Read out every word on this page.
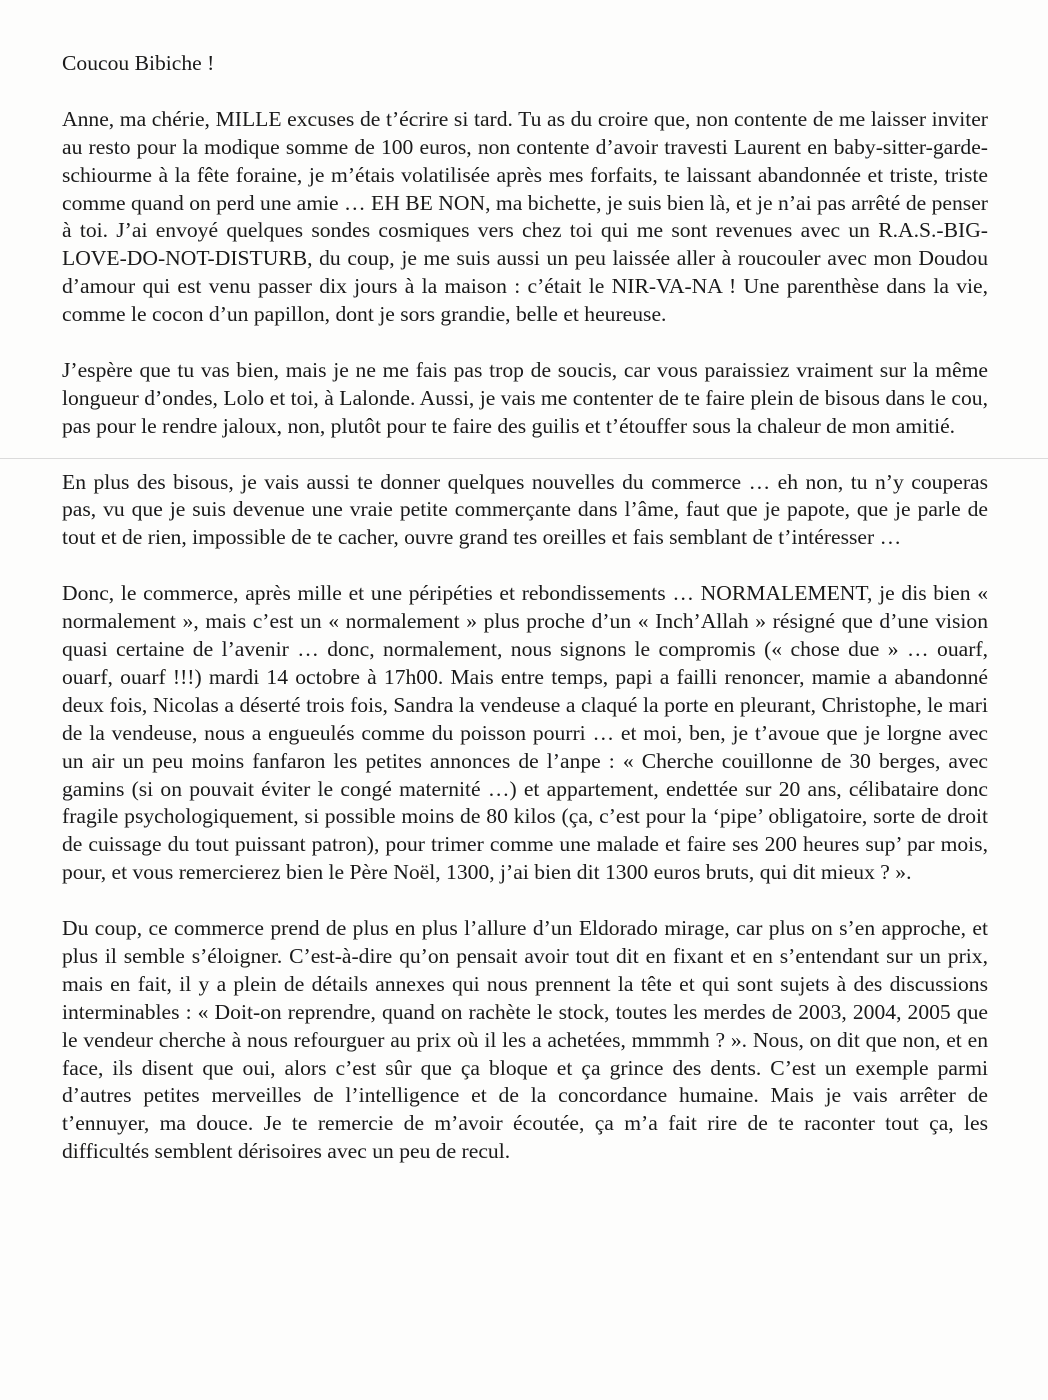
Coucou Bibiche !

Anne, ma chérie, MILLE excuses de t’écrire si tard. Tu as du croire que, non contente de me laisser inviter au resto pour la modique somme de 100 euros, non contente d’avoir travesti Laurent en baby-sitter-garde-schiourme à la fête foraine, je m’étais volatilisée après mes forfaits, te laissant abandonnée et triste, triste comme quand on perd une amie … EH BE NON, ma bichette, je suis bien là, et je n’ai pas arrêté de penser à toi. J’ai envoyé quelques sondes cosmiques vers chez toi qui me sont revenues avec un R.A.S.-BIG-LOVE-DO-NOT-DISTURB, du coup, je me suis aussi un peu laissée aller à roucouler avec mon Doudou d’amour qui est venu passer dix jours à la maison : c’était le NIR-VA-NA ! Une parenthèse dans la vie, comme le cocon d’un papillon, dont je sors grandie, belle et heureuse.

J’espère que tu vas bien, mais je ne me fais pas trop de soucis, car vous paraissiez vraiment sur la même longueur d’ondes, Lolo et toi, à Lalonde. Aussi, je vais me contenter de te faire plein de bisous dans le cou, pas pour le rendre jaloux, non, plutôt pour te faire des guilis et t’étouffer sous la chaleur de mon amitié.

En plus des bisous, je vais aussi te donner quelques nouvelles du commerce … eh non, tu n’y couperas pas, vu que je suis devenue une vraie petite commerçante dans l’âme, faut que je papote, que je parle de tout et de rien, impossible de te cacher, ouvre grand tes oreilles et fais semblant de t’intéresser …

Donc, le commerce, après mille et une péripéties et rebondissements … NORMALEMENT, je dis bien « normalement », mais c’est un « normalement » plus proche d’un « Inch’Allah » résigné que d’une vision quasi certaine de l’avenir … donc, normalement, nous signons le compromis (« chose due » … ouarf, ouarf, ouarf !!!) mardi 14 octobre à 17h00. Mais entre temps, papi a failli renoncer, mamie a abandonné deux fois, Nicolas a déserté trois fois, Sandra la vendeuse a claqué la porte en pleurant, Christophe, le mari de la vendeuse, nous a engueulés comme du poisson pourri … et moi, ben, je t’avoue que je lorgne avec un air un peu moins fanfaron les petites annonces de l’anpe : « Cherche couillonne de 30 berges, avec gamins (si on pouvait éviter le congé maternité …) et appartement, endettée sur 20 ans, célibataire donc fragile psychologiquement, si possible moins de 80 kilos (ça, c’est pour la ‘pipe’ obligatoire, sorte de droit de cuissage du tout puissant patron), pour trimer comme une malade et faire ses 200 heures sup’ par mois, pour, et vous remercierez bien le Père Noël, 1300, j’ai bien dit 1300 euros bruts, qui dit mieux ? ».

Du coup, ce commerce prend de plus en plus l’allure d’un Eldorado mirage, car plus on s’en approche, et plus il semble s’éloigner. C’est-à-dire qu’on pensait avoir tout dit en fixant et en s’entendant sur un prix, mais en fait, il y a plein de détails annexes qui nous prennent la tête et qui sont sujets à des discussions interminables : « Doit-on reprendre, quand on rachète le stock, toutes les merdes de 2003, 2004, 2005 que le vendeur cherche à nous refourguer au prix où il les a achetées, mmmmh ? ». Nous, on dit que non, et en face, ils disent que oui, alors c’est sûr que ça bloque et ça grince des dents. C’est un exemple parmi d’autres petites merveilles de l’intelligence et de la concordance humaine. Mais je vais arrêter de t’ennuyer, ma douce. Je te remercie de m’avoir écoutée, ça m’a fait rire de te raconter tout ça, les difficultés semblent dérisoires avec un peu de recul.
